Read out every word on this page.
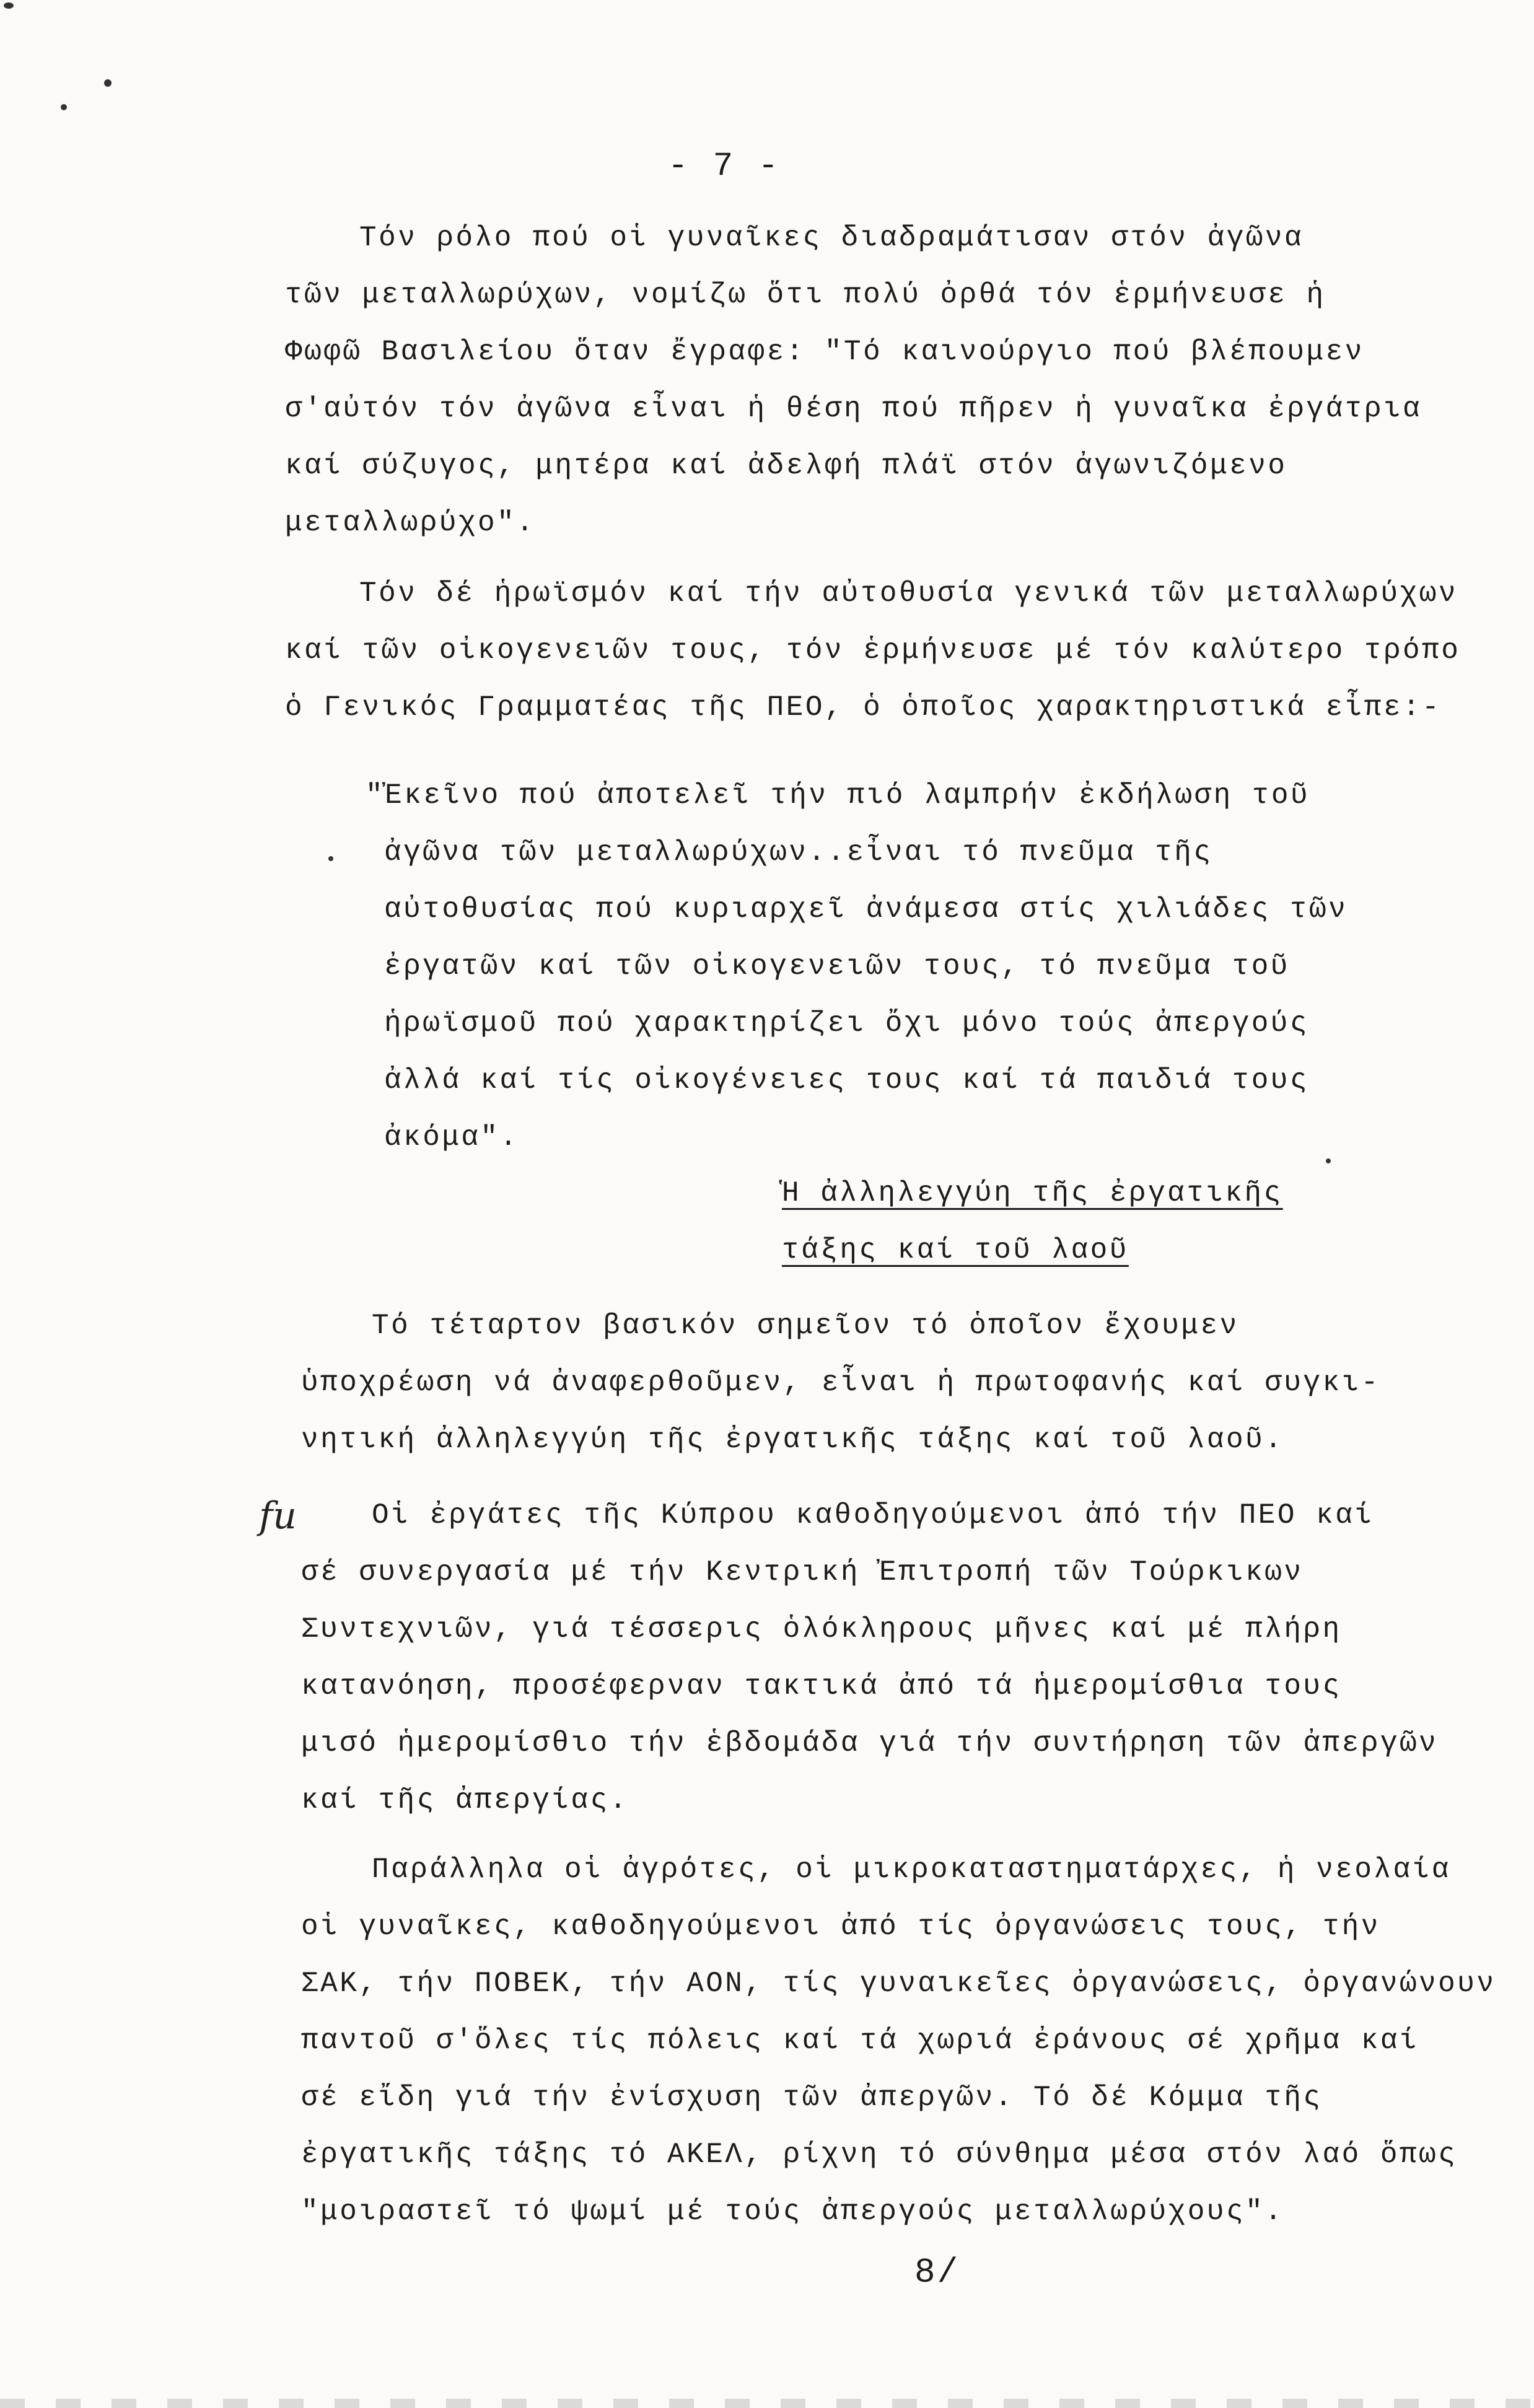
- 7 -
Τόν ρόλο πού οἱ γυναῖκες διαδραμάτισαν στόν ἀγῶνα
τῶν μεταλλωρύχων, νομίζω ὅτι πολύ ὀρθά τόν ἑρμήνευσε ἡ
Φωφῶ Βασιλείου ὅταν ἔγραφε: "Τό καινούργιο πού βλέπουμεν
σ'αὐτόν τόν ἀγῶνα εἶναι ἡ θέση πού πῆρεν ἡ γυναῖκα ἐργάτρια
καί σύζυγος, μητέρα καί ἀδελφή πλάϊ στόν ἀγωνιζόμενο
μεταλλωρύχο".
Τόν δέ ἡρωϊσμόν καί τήν αὐτοθυσία γενικά τῶν μεταλλωρύχων
καί τῶν οἰκογενειῶν τους, τόν ἑρμήνευσε μέ τόν καλύτερο τρόπο
ὁ Γενικός Γραμματέας τῆς ΠΕΟ, ὁ ὁποῖος χαρακτηριστικά εἶπε:-
"Ἐκεῖνο πού ἀποτελεῖ τήν πιό λαμπρήν ἐκδήλωση τοῦ
ἀγῶνα τῶν μεταλλωρύχων..εἶναι τό πνεῦμα τῆς
αὐτοθυσίας πού κυριαρχεῖ ἀνάμεσα στίς χιλιάδες τῶν
ἐργατῶν καί τῶν οἰκογενειῶν τους, τό πνεῦμα τοῦ
ἡρωϊσμοῦ πού χαρακτηρίζει ὄχι μόνο τούς ἀπεργούς
ἀλλά καί τίς οἰκογένειες τους καί τά παιδιά τους
ἀκόμα".
Ἡ ἀλληλεγγύη τῆς ἐργατικῆς
τάξης καί τοῦ λαοῦ
Τό τέταρτον βασικόν σημεῖον τό ὁποῖον ἔχουμεν
ὑποχρέωση νά ἀναφερθοῦμεν, εἶναι ἡ πρωτοφανής καί συγκι-
νητική ἀλληλεγγύη τῆς ἐργατικῆς τάξης καί τοῦ λαοῦ.
fu	Οἱ ἐργάτες τῆς Κύπρου καθοδηγούμενοι ἀπό τήν ΠΕΟ καί
σέ συνεργασία μέ τήν Κεντρική Ἐπιτροπή τῶν Τούρκικων
Συντεχνιῶν, γιά τέσσερις ὁλόκληρους μῆνες καί μέ πλήρη
κατανόηση, προσέφερναν τακτικά ἀπό τά ἡμερομίσθια τους
μισό ἡμερομίσθιο τήν ἑβδομάδα γιά τήν συντήρηση τῶν ἀπεργῶν
καί τῆς ἀπεργίας.
Παράλληλα οἱ ἀγρότες, οἱ μικροκαταστηματάρχες, ἡ νεολαία
οἱ γυναῖκες, καθοδηγούμενοι ἀπό τίς ὀργανώσεις τους, τήν
ΣΑΚ, τήν ΠΟΒΕΚ, τήν ΑΟΝ, τίς γυναικεῖες ὀργανώσεις, ὀργανώνουν
παντοῦ σ'ὅλες τίς πόλεις καί τά χωριά ἐράνους σέ χρῆμα καί
σέ εἴδη γιά τήν ἐνίσχυση τῶν ἀπεργῶν. Τό δέ Κόμμα τῆς
ἐργατικῆς τάξης τό ΑΚΕΛ, ρίχνη τό σύνθημα μέσα στόν λαό ὅπως
"μοιραστεῖ τό ψωμί μέ τούς ἀπεργούς μεταλλωρύχους".
8/
